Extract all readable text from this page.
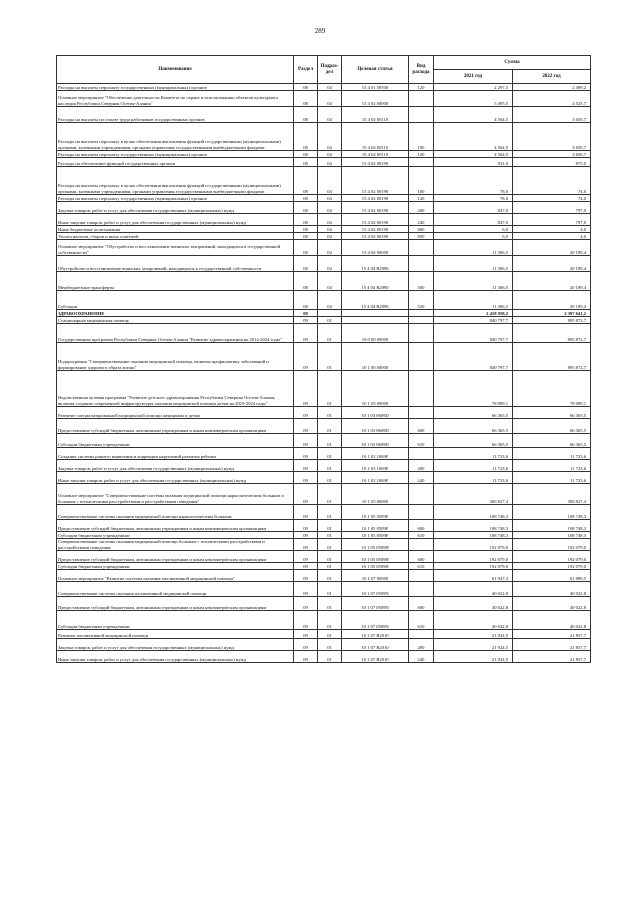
289
Наименование	Раздел	Подраз-дел	Целевая статья	Вид расхода	Сумма	
					2021 год	2022 год
Расходы на выплаты персоналу государственных (муниципальных) органов	08	04	15 4 01 59500	120	2 297,5	2 389,2
Основное мероприятие "Обеспечение деятельности Комитета по охране и использованию объектов культурного наследия Республики Северная Осетия-Алания"	08	04	15 4 02 00000		5 495,5	4 525,7
Расходы на выплаты по оплате труда работников государственных органов	08	04	15 4 02 00110		4 564,5	3 650,7
Расходы на выплаты персоналу в целях обеспечения выполнения функций государственными (муниципальными) органами, казенными учреждениями, органами управления государственными внебюджетными фондами	08	04	15 4 02 00110	100	4 564,5	3 650,7
Расходы на выплаты персоналу государственных (муниципальных) органов	08	04	15 4 02 00110	120	4 564,5	3 650,7
Расходы на обеспечение функций государственных органов	08	04	15 4 02 00190		931,0	875,0
Расходы на выплаты персоналу в целях обеспечения выполнения функций государственными (муниципальными) органами, казенными учреждениями, органами управления государственными внебюджетными фондами	08	04	15 4 02 00190	100	78,0	74,0
Расходы на выплаты персоналу государственных (муниципальных) органов	08	04	15 4 02 00190	120	78,0	74,0
Закупка товаров, работ и услуг для обеспечения государственных (муниципальных) нужд	08	04	15 4 02 00190	200	847,0	797,0
Иные закупки товаров, работ и услуг для обеспечения государственных (муниципальных) нужд	08	04	15 4 02 00190	240	847,0	797,0
Иные бюджетные ассигнования	08	04	15 4 02 00190	800	6,0	4,0
Уплата налогов, сборов и иных платежей	08	04	15 4 02 00190	850	6,0	4,0
Основное мероприятие "Обустройство и восстановление воинских захоронений, находящихся в государственной собственности"	08	04	15 4 04 00000		11 306,5	20 189,4
Обустройство и восстановление воинских захоронений, находящихся в государственной собственности	08	04	15 4 04 R2990		11 306,5	20 189,4
Межбюджетные трансферты	08	04	15 4 04 R2990	500	11 306,5	20 189,4
Субсидии	08	04	15 4 04 R2990	520	11 306,5	20 189,4
ЗДРАВООХРАНЕНИЕ	09				2 418 958,2	2 397 641,2
Стационарная медицинская помощь	09	01			840 797,7	895 872,7
Государственная программа Республики Северная Осетия-Алания "Развитие здравоохранения на 2014-2024 годы"	09	01	10 0 00 00000		840 797,7	895 872,7
Подпрограмма "Совершенствование оказания медицинской помощи, включая профилактику заболеваний и формирование здорового образа жизни"	09	01	10 1 00 00000		840 797,7	895 872,7
Ведомственная целевая программа "Развитие детского здравоохранения Республики Северная Осетия-Алания, включая создание современной инфраструктуры оказания медицинской помощи детям на 2019-2024 годы"	09	01	10 1 03 00000		78 089,1	78 089,1
Развитие специализированной медицинской помощи женщинам и детям	09	01	10 1 03 0609D		66 365,5	66 365,5
Предоставление субсидий бюджетным, автономным учреждениям и иным некоммерческим организациям	09	01	10 1 03 0609D	600	66 365,5	66 365,5
Субсидии бюджетным учреждениям	09	01	10 1 03 0609D	610	66 365,5	66 365,5
Создание системы раннего выявления и коррекции нарушений развития ребенка	09	01	10 1 03 1069F		11 723,6	11 723,6
Закупка товаров, работ и услуг для обеспечения государственных (муниципальных) нужд	09	01	10 1 03 1069F	200	11 723,6	11 723,6
Иные закупки товаров, работ и услуг для обеспечения государственных (муниципальных) нужд	09	01	10 1 03 1069F	240	11 723,6	11 723,6
Основное мероприятие "Совершенствование системы оказания медицинской помощи наркологическим больным и больным с психическими расстройствами и расстройствами поведения"	09	01	10 1 05 00000		300 827,4	300 827,4
Совершенствование системы оказания медицинской помощи наркологическим больным	09	01	10 1 05 0509F		108 748,3	108 748,3
Предоставление субсидий бюджетным, автономным учреждениям и иным некоммерческим организациям	09	01	10 1 05 0509F	600	108 748,3	108 748,3
Субсидии бюджетным учреждениям	09	01	10 1 05 0509F	610	108 748,3	108 748,3
Совершенствование системы оказания медицинской помощи больным с психическими расстройствами и расстройствами поведения	09	01	10 1 05 0509H		192 079,0	192 079,0
Предоставление субсидий бюджетным, автономным учреждениям и иным некоммерческим организациям	09	01	10 1 05 0509H	600	192 079,0	192 079,0
Субсидии бюджетным учреждениям	09	01	10 1 05 0509H	610	192 079,0	192 079,0
Основное мероприятие "Развитие системы оказания паллиативной медицинской помощи"	09	01	10 1 07 00000		61 947,3	61 880,5
Совершенствование системы оказания паллиативной медицинской помощи	09	01	10 1 07 0509N		40 022,8	40 022,8
Предоставление субсидий бюджетным, автономным учреждениям и иным некоммерческим организациям	09	01	10 1 07 0509N	600	40 022,8	40 022,8
Субсидии бюджетным учреждениям	09	01	10 1 07 0509N	610	40 022,8	40 022,8
Развитие паллиативной медицинской помощи	09	01	10 1 07 R2010		21 924,5	21 857,7
Закупка товаров, работ и услуг для обеспечения государственных (муниципальных) нужд	09	01	10 1 07 R2010	200	21 924,5	21 857,7
Иные закупки товаров, работ и услуг для обеспечения государственных (муниципальных) нужд	09	01	10 1 07 R2010	240	21 924,5	21 857,7
